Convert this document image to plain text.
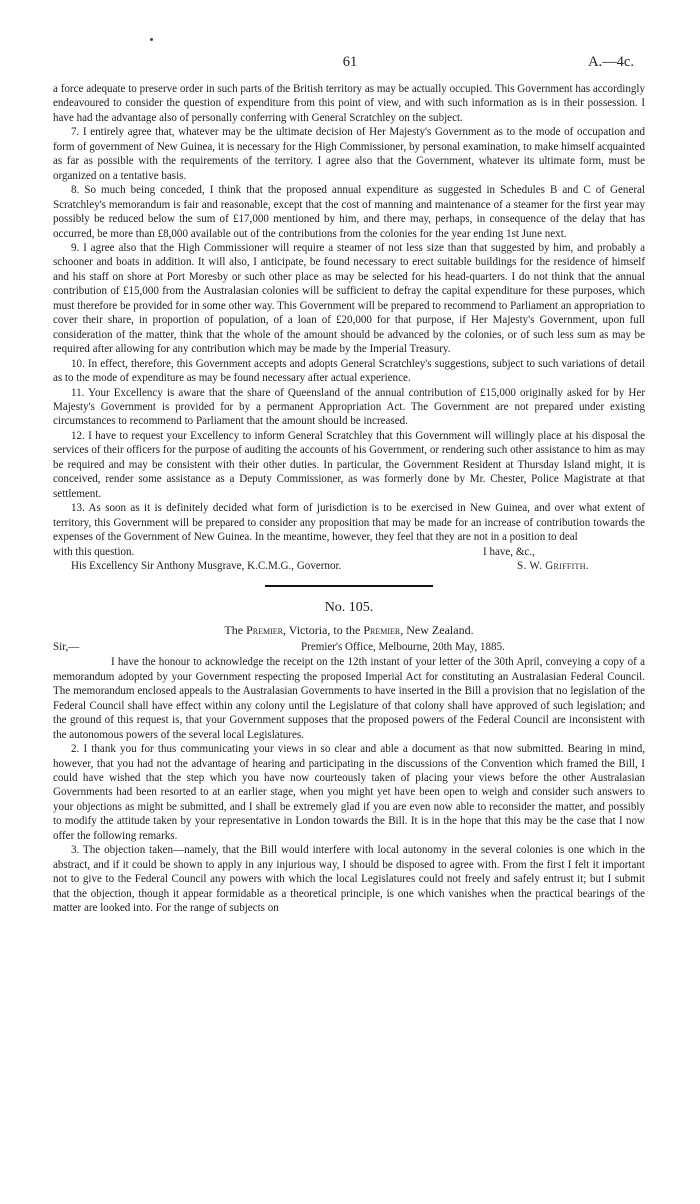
61	A.—4c.

a force adequate to preserve order in such parts of the British territory as may be actually occupied. This Government has accordingly endeavoured to consider the question of expenditure from this point of view, and with such information as is in their possession. I have had the advantage also of personally conferring with General Scratchley on the subject.

7. I entirely agree that, whatever may be the ultimate decision of Her Majesty's Government as to the mode of occupation and form of government of New Guinea, it is necessary for the High Commissioner, by personal examination, to make himself acquainted as far as possible with the requirements of the territory. I agree also that the Government, whatever its ultimate form, must be organized on a tentative basis.

8. So much being conceded, I think that the proposed annual expenditure as suggested in Schedules B and C of General Scratchley's memorandum is fair and reasonable, except that the cost of manning and maintenance of a steamer for the first year may possibly be reduced below the sum of £17,000 mentioned by him, and there may, perhaps, in consequence of the delay that has occurred, be more than £8,000 available out of the contributions from the colonies for the year ending 1st June next.

9. I agree also that the High Commissioner will require a steamer of not less size than that suggested by him, and probably a schooner and boats in addition. It will also, I anticipate, be found necessary to erect suitable buildings for the residence of himself and his staff on shore at Port Moresby or such other place as may be selected for his head-quarters. I do not think that the annual contribution of £15,000 from the Australasian colonies will be sufficient to defray the capital expenditure for these purposes, which must therefore be provided for in some other way. This Government will be prepared to recommend to Parliament an appropriation to cover their share, in proportion of population, of a loan of £20,000 for that purpose, if Her Majesty's Government, upon full consideration of the matter, think that the whole of the amount should be advanced by the colonies, or of such less sum as may be required after allowing for any contribution which may be made by the Imperial Treasury.

10. In effect, therefore, this Government accepts and adopts General Scratchley's suggestions, subject to such variations of detail as to the mode of expenditure as may be found necessary after actual experience.

11. Your Excellency is aware that the share of Queensland of the annual contribution of £15,000 originally asked for by Her Majesty's Government is provided for by a permanent Appropriation Act. The Government are not prepared under existing circumstances to recommend to Parliament that the amount should be increased.

12. I have to request your Excellency to inform General Scratchley that this Government will willingly place at his disposal the services of their officers for the purpose of auditing the accounts of his Government, or rendering such other assistance to him as may be required and may be consistent with their other duties. In particular, the Government Resident at Thursday Island might, it is conceived, render some assistance as a Deputy Commissioner, as was formerly done by Mr. Chester, Police Magistrate at that settlement.

13. As soon as it is definitely decided what form of jurisdiction is to be exercised in New Guinea, and over what extent of territory, this Government will be prepared to consider any proposition that may be made for an increase of contribution towards the expenses of the Government of New Guinea. In the meantime, however, they feel that they are not in a position to deal

with this question.	I have, &c.,
His Excellency Sir Anthony Musgrave, K.C.M.G., Governor.	S. W. Griffith.
No. 105.
The Premier, Victoria, to the Premier, New Zealand.
Sir,—	Premier's Office, Melbourne, 20th May, 1885.

I have the honour to acknowledge the receipt on the 12th instant of your letter of the 30th April, conveying a copy of a memorandum adopted by your Government respecting the proposed Imperial Act for constituting an Australasian Federal Council. The memorandum enclosed appeals to the Australasian Governments to have inserted in the Bill a provision that no legislation of the Federal Council shall have effect within any colony until the Legislature of that colony shall have approved of such legislation; and the ground of this request is, that your Government supposes that the proposed powers of the Federal Council are inconsistent with the autonomous powers of the several local Legislatures.

2. I thank you for thus communicating your views in so clear and able a document as that now submitted. Bearing in mind, however, that you had not the advantage of hearing and participating in the discussions of the Convention which framed the Bill, I could have wished that the step which you have now courteously taken of placing your views before the other Australasian Governments had been resorted to at an earlier stage, when you might yet have been open to weigh and consider such answers to your objections as might be submitted, and I shall be extremely glad if you are even now able to reconsider the matter, and possibly to modify the attitude taken by your representative in London towards the Bill. It is in the hope that this may be the case that I now offer the following remarks.

3. The objection taken—namely, that the Bill would interfere with local autonomy in the several colonies is one which in the abstract, and if it could be shown to apply in any injurious way, I should be disposed to agree with. From the first I felt it important not to give to the Federal Council any powers with which the local Legislatures could not freely and safely entrust it; but I submit that the objection, though it appear formidable as a theoretical principle, is one which vanishes when the practical bearings of the matter are looked into. For the range of subjects on
